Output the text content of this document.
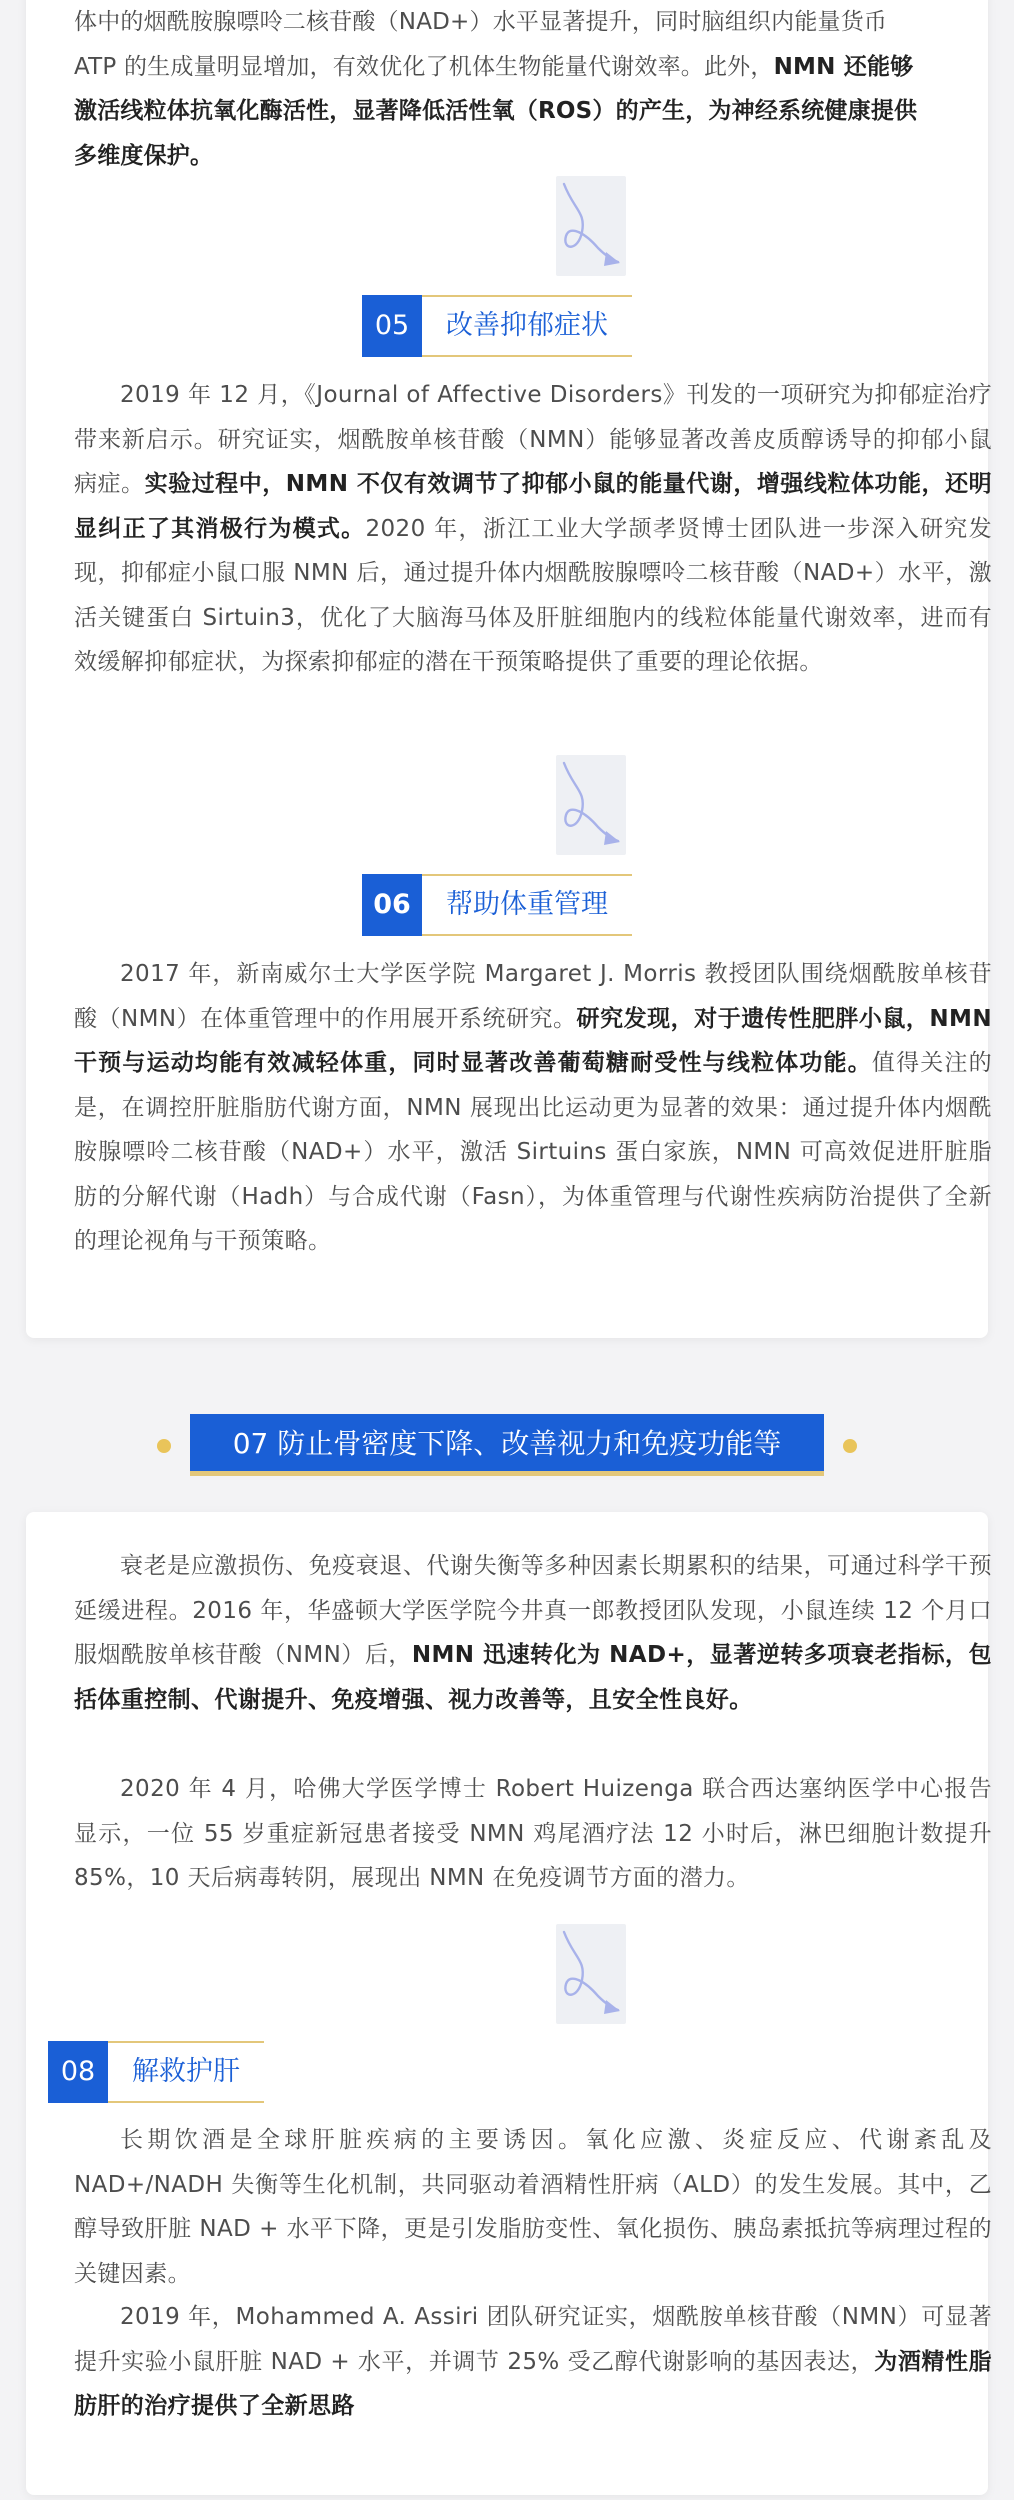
体中的烟酰胺腺嘌呤二核苷酸（NAD+）水平显著提升，同时脑组织内能量货币
ATP 的生成量明显增加，有效优化了机体生物能量代谢效率。此外，NMN 还能够
激活线粒体抗氧化酶活性，显著降低活性氧（ROS）的产生，为神经系统健康提供
多维度保护。

05	改善抑郁症状

2019 年 12 月，《Journal of Affective Disorders》刊发的一项研究为抑郁症治疗带来新启示。研究证实，烟酰胺单核苷酸（NMN）能够显著改善皮质醇诱导的抑郁小鼠病症。实验过程中，NMN 不仅有效调节了抑郁小鼠的能量代谢，增强线粒体功能，还明显纠正了其消极行为模式。2020 年，浙江工业大学颉孝贤博士团队进一步深入研究发现，抑郁症小鼠口服 NMN 后，通过提升体内烟酰胺腺嘌呤二核苷酸（NAD+）水平，激活关键蛋白 Sirtuin3，优化了大脑海马体及肝脏细胞内的线粒体能量代谢效率，进而有效缓解抑郁症状，为探索抑郁症的潜在干预策略提供了重要的理论依据。

06	帮助体重管理

2017 年，新南威尔士大学医学院 Margaret J. Morris 教授团队围绕烟酰胺单核苷酸（NMN）在体重管理中的作用展开系统研究。研究发现，对于遗传性肥胖小鼠，NMN 干预与运动均能有效减轻体重，同时显著改善葡萄糖耐受性与线粒体功能。值得关注的是，在调控肝脏脂肪代谢方面，NMN 展现出比运动更为显著的效果：通过提升体内烟酰胺腺嘌呤二核苷酸（NAD+）水平，激活 Sirtuins 蛋白家族，NMN 可高效促进肝脏脂肪的分解代谢（Hadh）与合成代谢（Fasn），为体重管理与代谢性疾病防治提供了全新的理论视角与干预策略。

07 防止骨密度下降、改善视力和免疫功能等

衰老是应激损伤、免疫衰退、代谢失衡等多种因素长期累积的结果，可通过科学干预延缓进程。2016 年，华盛顿大学医学院今井真一郎教授团队发现，小鼠连续 12 个月口服烟酰胺单核苷酸（NMN）后，NMN 迅速转化为 NAD+，显著逆转多项衰老指标，包括体重控制、代谢提升、免疫增强、视力改善等，且安全性良好。

2020 年 4 月，哈佛大学医学博士 Robert Huizenga 联合西达塞纳医学中心报告显示，一位 55 岁重症新冠患者接受 NMN 鸡尾酒疗法 12 小时后，淋巴细胞计数提升 85%，10 天后病毒转阴，展现出 NMN 在免疫调节方面的潜力。

08	解救护肝

长期饮酒是全球肝脏疾病的主要诱因。氧化应激、炎症反应、代谢紊乱及 NAD+/NADH 失衡等生化机制，共同驱动着酒精性肝病（ALD）的发生发展。其中，乙醇导致肝脏 NAD + 水平下降，更是引发脂肪变性、氧化损伤、胰岛素抵抗等病理过程的关键因素。

2019 年，Mohammed A. Assiri 团队研究证实，烟酰胺单核苷酸（NMN）可显著提升实验小鼠肝脏 NAD + 水平，并调节 25% 受乙醇代谢影响的基因表达，为酒精性脂肪肝的治疗提供了全新思路
